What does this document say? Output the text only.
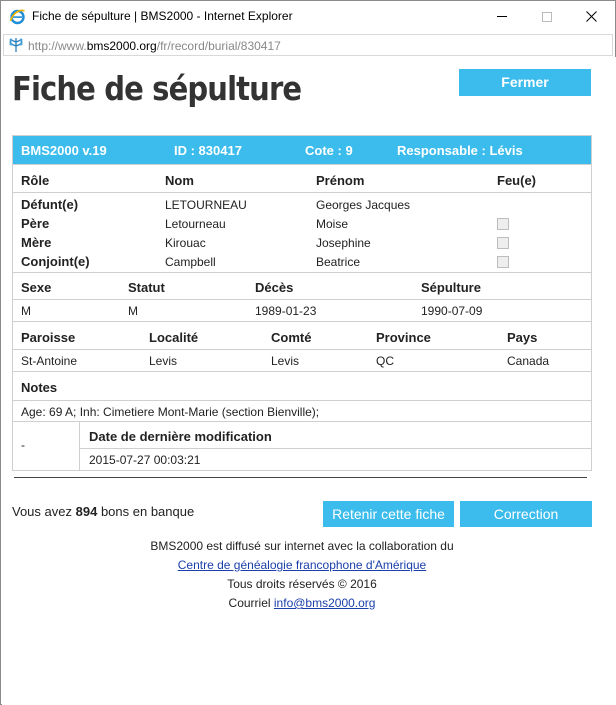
Fiche de sépulture | BMS2000 - Internet Explorer
http://www.bms2000.org/fr/record/burial/830417
Fiche de sépulture	Fermer
BMS2000 v.19	ID : 830417	Cote : 9	Responsable : Lévis
Rôle	Nom	Prénom	Feu(e)
Défunt(e)	LETOURNEAU	Georges Jacques
Père	Letourneau	Moise
Mère	Kirouac	Josephine
Conjoint(e)	Campbell	Beatrice
Sexe	Statut	Décès	Sépulture
M	M	1989-01-23	1990-07-09
Paroisse	Localité	Comté	Province	Pays
St-Antoine	Levis	Levis	QC	Canada
Notes
Age: 69 A; Inh: Cimetiere Mont-Marie (section Bienville);
-
Date de dernière modification
2015-07-27 00:03:21
Vous avez 894 bons en banque	Retenir cette fiche	Correction
BMS2000 est diffusé sur internet avec la collaboration du
Centre de généalogie francophone d'Amérique
Tous droits réservés © 2016
Courriel info@bms2000.org
